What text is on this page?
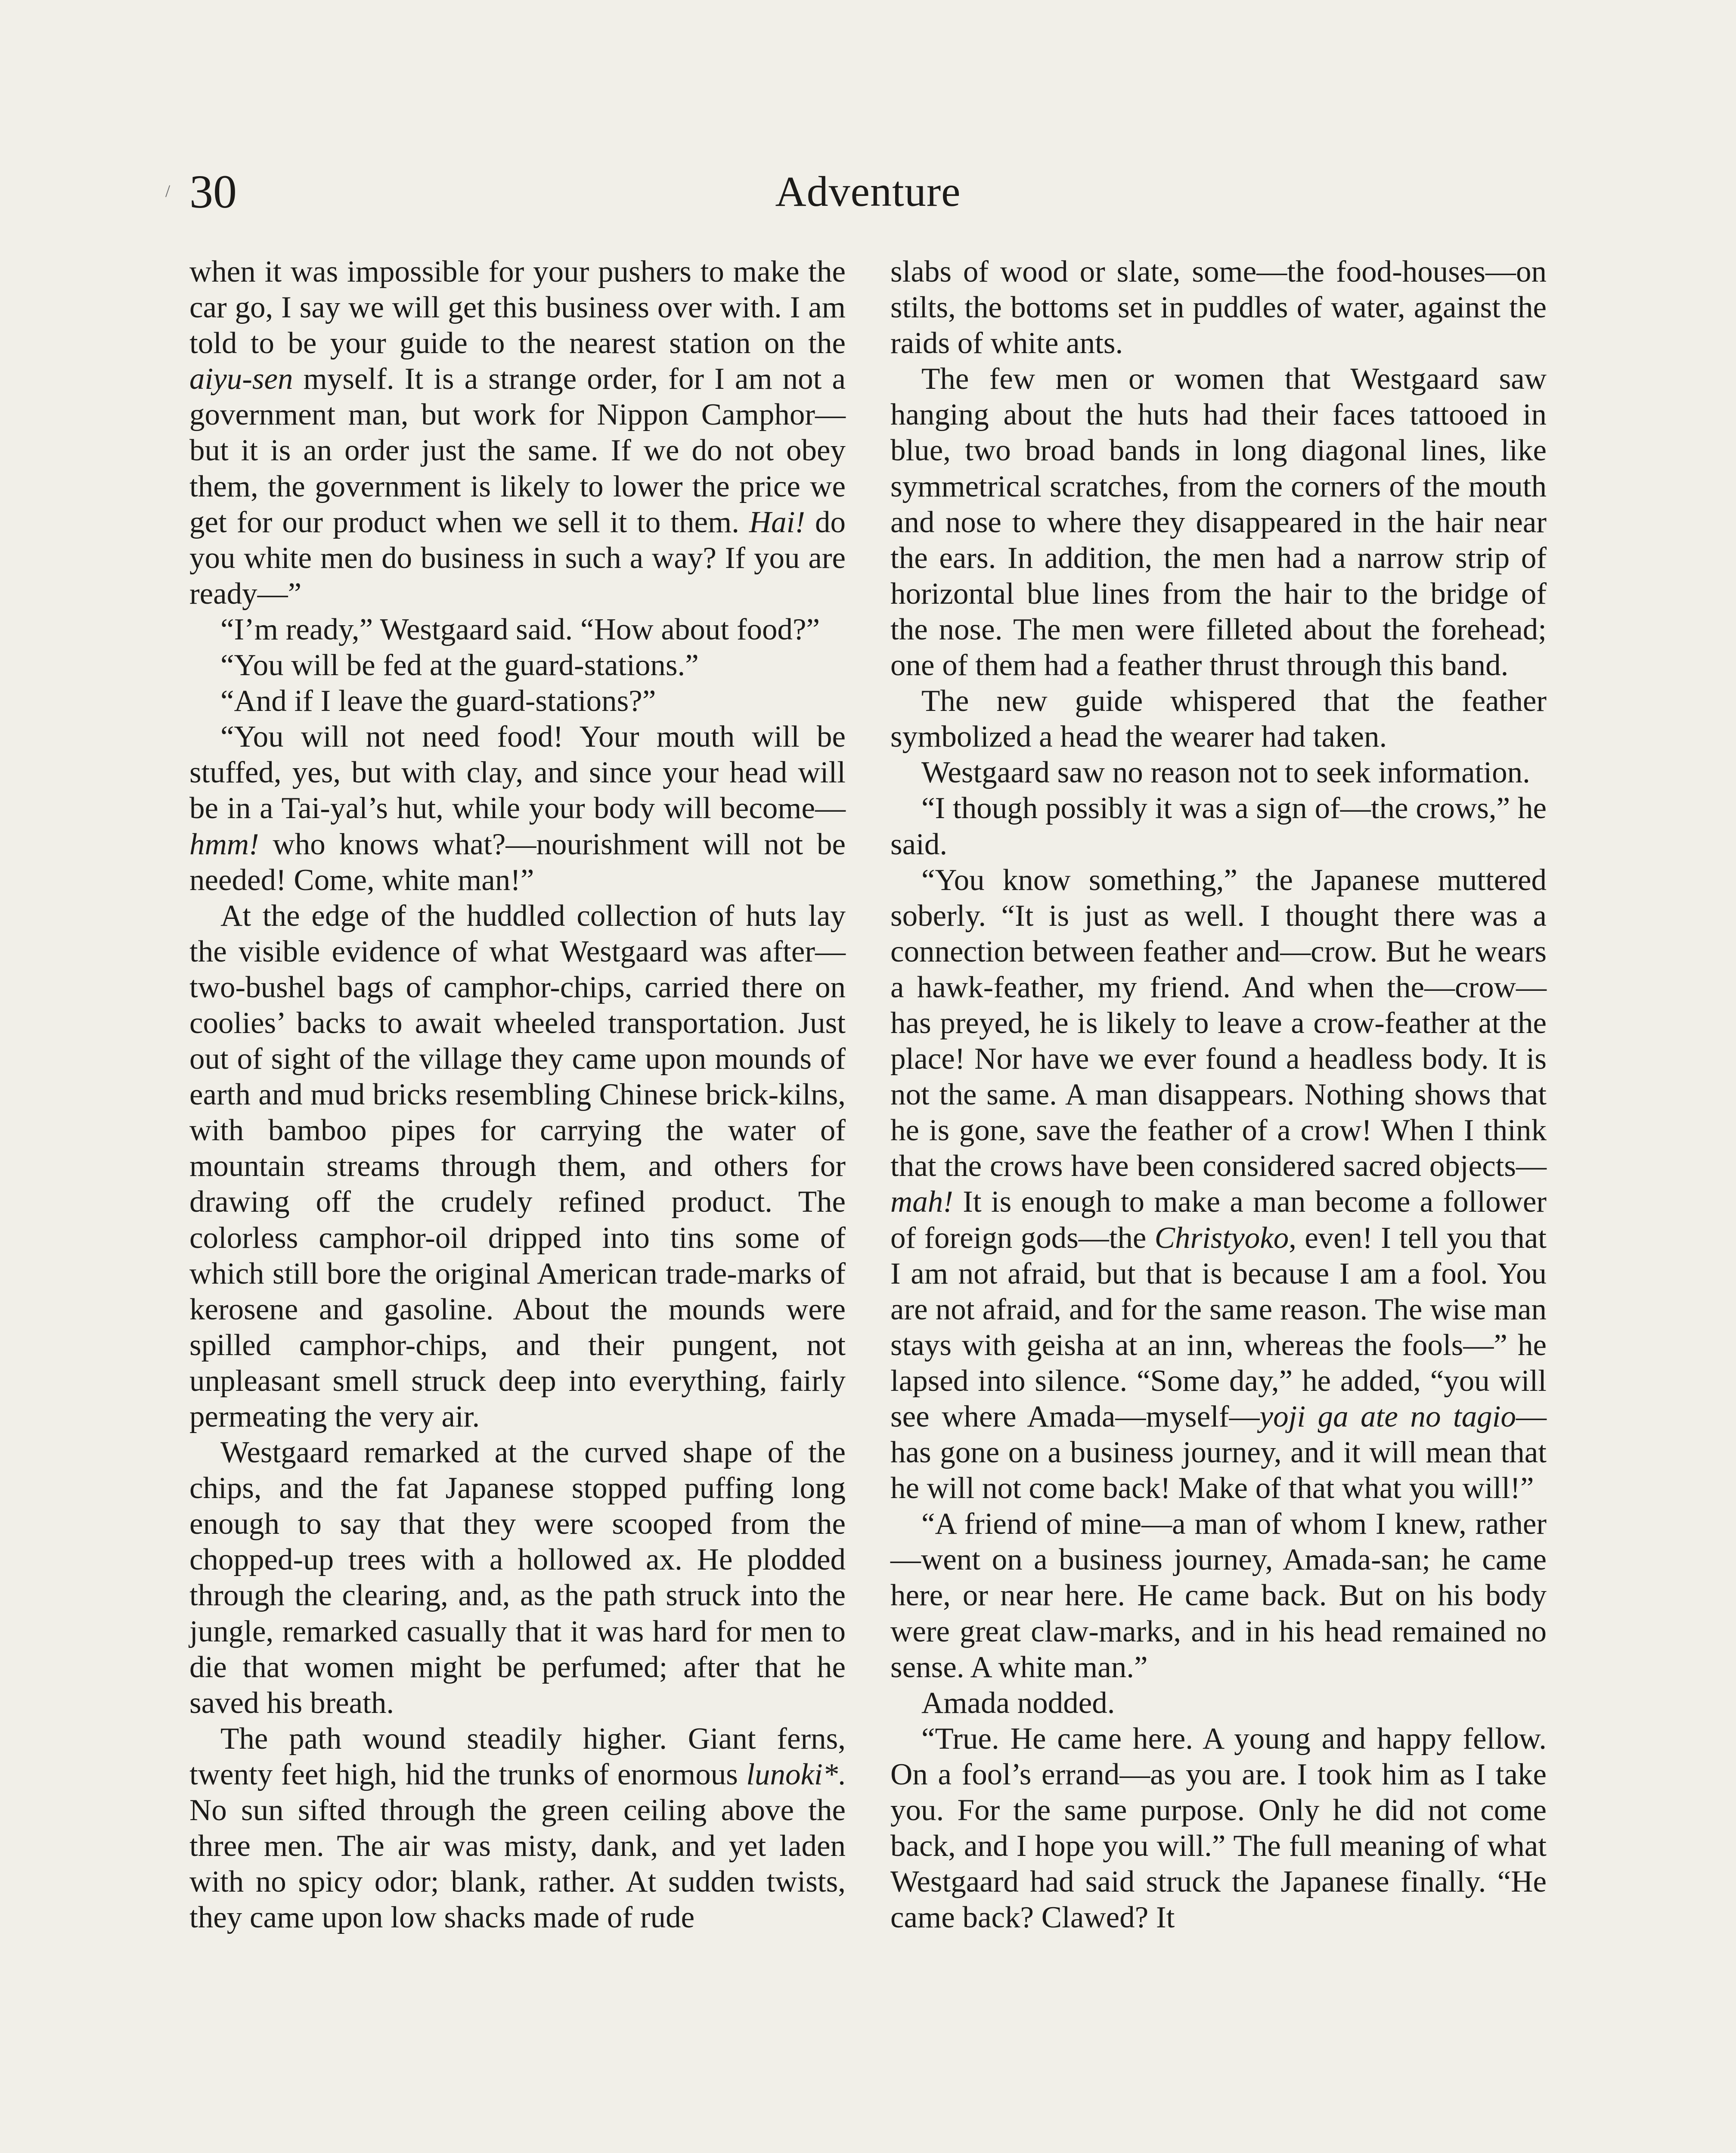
/ 30	Adventure

when it was impossible for your pushers to make the car go, I say we will get this business over with. I am told to be your guide to the nearest station on the aiyu-sen myself. It is a strange order, for I am not a government man, but work for Nippon Camphor—but it is an order just the same. If we do not obey them, the government is likely to lower the price we get for our product when we sell it to them. Hai! do you white men do business in such a way? If you are ready—”

“I’m ready,” Westgaard said. “How about food?”

“You will be fed at the guard-stations.”

“And if I leave the guard-stations?”

“You will not need food! Your mouth will be stuffed, yes, but with clay, and since your head will be in a Tai-yal’s hut, while your body will become—hmm! who knows what?—nourishment will not be needed! Come, white man!”

At the edge of the huddled collection of huts lay the visible evidence of what Westgaard was after—two-bushel bags of camphor-chips, carried there on coolies’ backs to await wheeled transportation. Just out of sight of the village they came upon mounds of earth and mud bricks resembling Chinese brick-kilns, with bamboo pipes for carrying the water of mountain streams through them, and others for drawing off the crudely refined product. The colorless camphor-oil dripped into tins some of which still bore the original American trade-marks of kerosene and gasoline. About the mounds were spilled camphor-chips, and their pungent, not unpleasant smell struck deep into everything, fairly permeating the very air.

Westgaard remarked at the curved shape of the chips, and the fat Japanese stopped puffing long enough to say that they were scooped from the chopped-up trees with a hollowed ax. He plodded through the clearing, and, as the path struck into the jungle, remarked casually that it was hard for men to die that women might be perfumed; after that he saved his breath.

The path wound steadily higher. Giant ferns, twenty feet high, hid the trunks of enormous lunoki*. No sun sifted through the green ceiling above the three men. The air was misty, dank, and yet laden with no spicy odor; blank, rather. At sudden twists, they came upon low shacks made of rude

slabs of wood or slate, some—the food-houses—on stilts, the bottoms set in puddles of water, against the raids of white ants.

The few men or women that Westgaard saw hanging about the huts had their faces tattooed in blue, two broad bands in long diagonal lines, like symmetrical scratches, from the corners of the mouth and nose to where they disappeared in the hair near the ears. In addition, the men had a narrow strip of horizontal blue lines from the hair to the bridge of the nose. The men were filleted about the forehead; one of them had a feather thrust through this band.

The new guide whispered that the feather symbolized a head the wearer had taken.

Westgaard saw no reason not to seek information.

“I though possibly it was a sign of—the crows,” he said.

“You know something,” the Japanese muttered soberly. “It is just as well. I thought there was a connection between feather and—crow. But he wears a hawk-feather, my friend. And when the—crow—has preyed, he is likely to leave a crow-feather at the place! Nor have we ever found a headless body. It is not the same. A man disappears. Nothing shows that he is gone, save the feather of a crow! When I think that the crows have been considered sacred objects—mah! It is enough to make a man become a follower of foreign gods—the Christyoko, even! I tell you that I am not afraid, but that is because I am a fool. You are not afraid, and for the same reason. The wise man stays with geisha at an inn, whereas the fools—” he lapsed into silence. “Some day,” he added, “you will see where Amada—myself—yoji ga ate no tagio—has gone on a business journey, and it will mean that he will not come back! Make of that what you will!”

“A friend of mine—a man of whom I knew, rather—went on a business journey, Amada-san; he came here, or near here. He came back. But on his body were great claw-marks, and in his head remained no sense. A white man.”

Amada nodded.

“True. He came here. A young and happy fellow. On a fool’s errand—as you are. I took him as I take you. For the same purpose. Only he did not come back, and I hope you will.” The full meaning of what Westgaard had said struck the Japanese finally. “He came back? Clawed? It
